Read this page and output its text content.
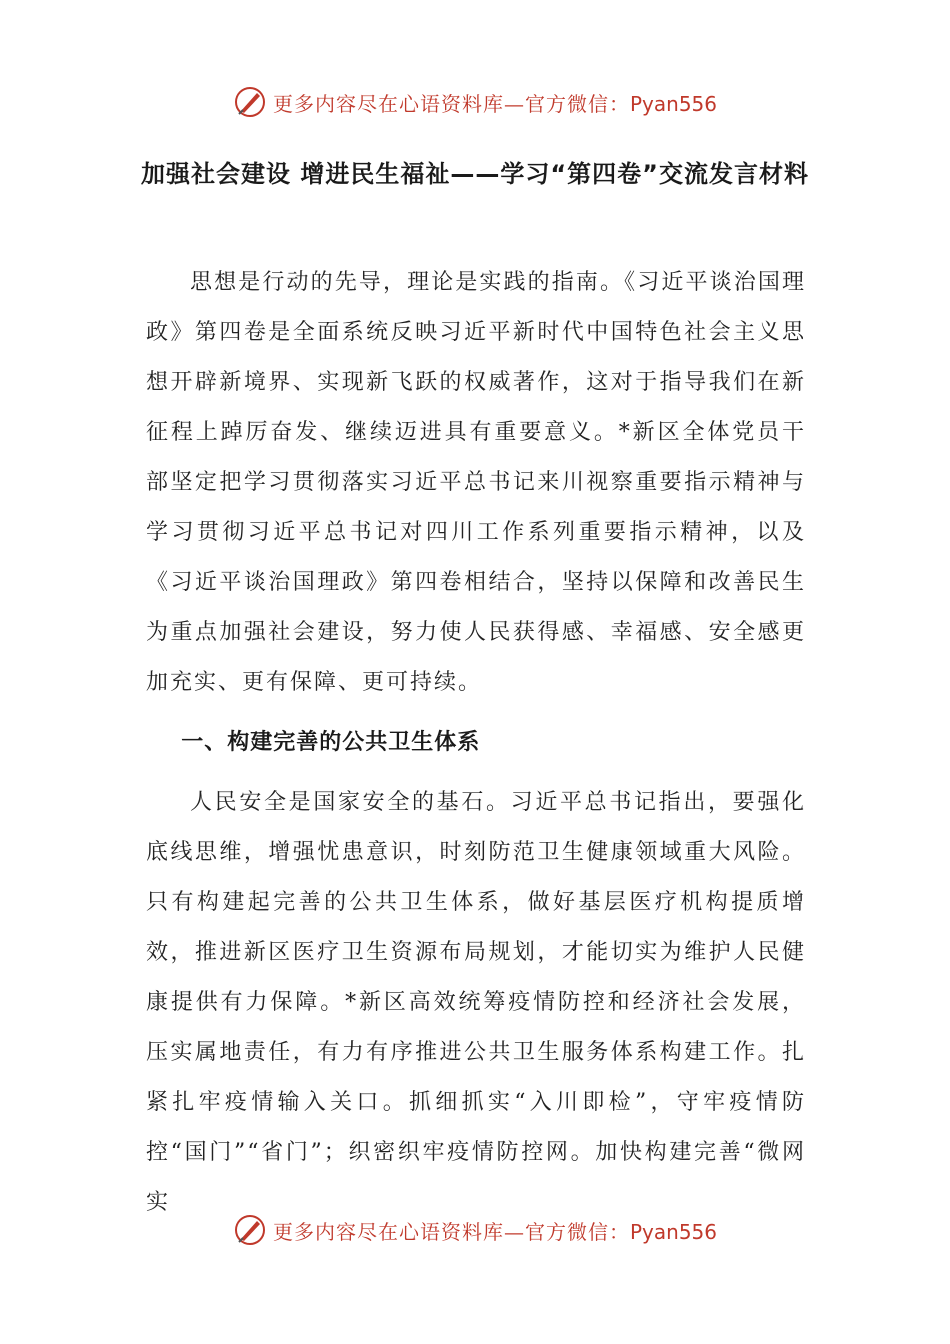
更多内容尽在心语资料库— 官方微信：Pyan556
加强社会建设 增进民生福祉——学习“第四卷”交流发言材料

思想是行动的先导，理论是实践的指南。《习近平谈治国理政》第四卷是全面系统反映习近平新时代中国特色社会主义思想开辟新境界、实现新飞跃的权威著作，这对于指导我们在新征程上踔厉奋发、继续迈进具有重要意义。*新区全体党员干部坚定把学习贯彻落实习近平总书记来川视察重要指示精神与学习贯彻习近平总书记对四川工作系列重要指示精神，以及《习近平谈治国理政》第四卷相结合，坚持以保障和改善民生为重点加强社会建设，努力使人民获得感、幸福感、安全感更加充实、更有保障、更可持续。

一、构建完善的公共卫生体系

人民安全是国家安全的基石。习近平总书记指出，要强化底线思维，增强忧患意识，时刻防范卫生健康领域重大风险。只有构建起完善的公共卫生体系，做好基层医疗机构提质增效，推进新区医疗卫生资源布局规划，才能切实为维护人民健康提供有力保障。*新区高效统筹疫情防控和经济社会发展，压实属地责任，有力有序推进公共卫生服务体系构建工作。扎紧扎牢疫情输入关口。抓细抓实“入川即检”，守牢疫情防控“国门”“省门”；织密织牢疫情防控网。加快构建完善“微网实

更多内容尽在心语资料库— 官方微信：Pyan556
